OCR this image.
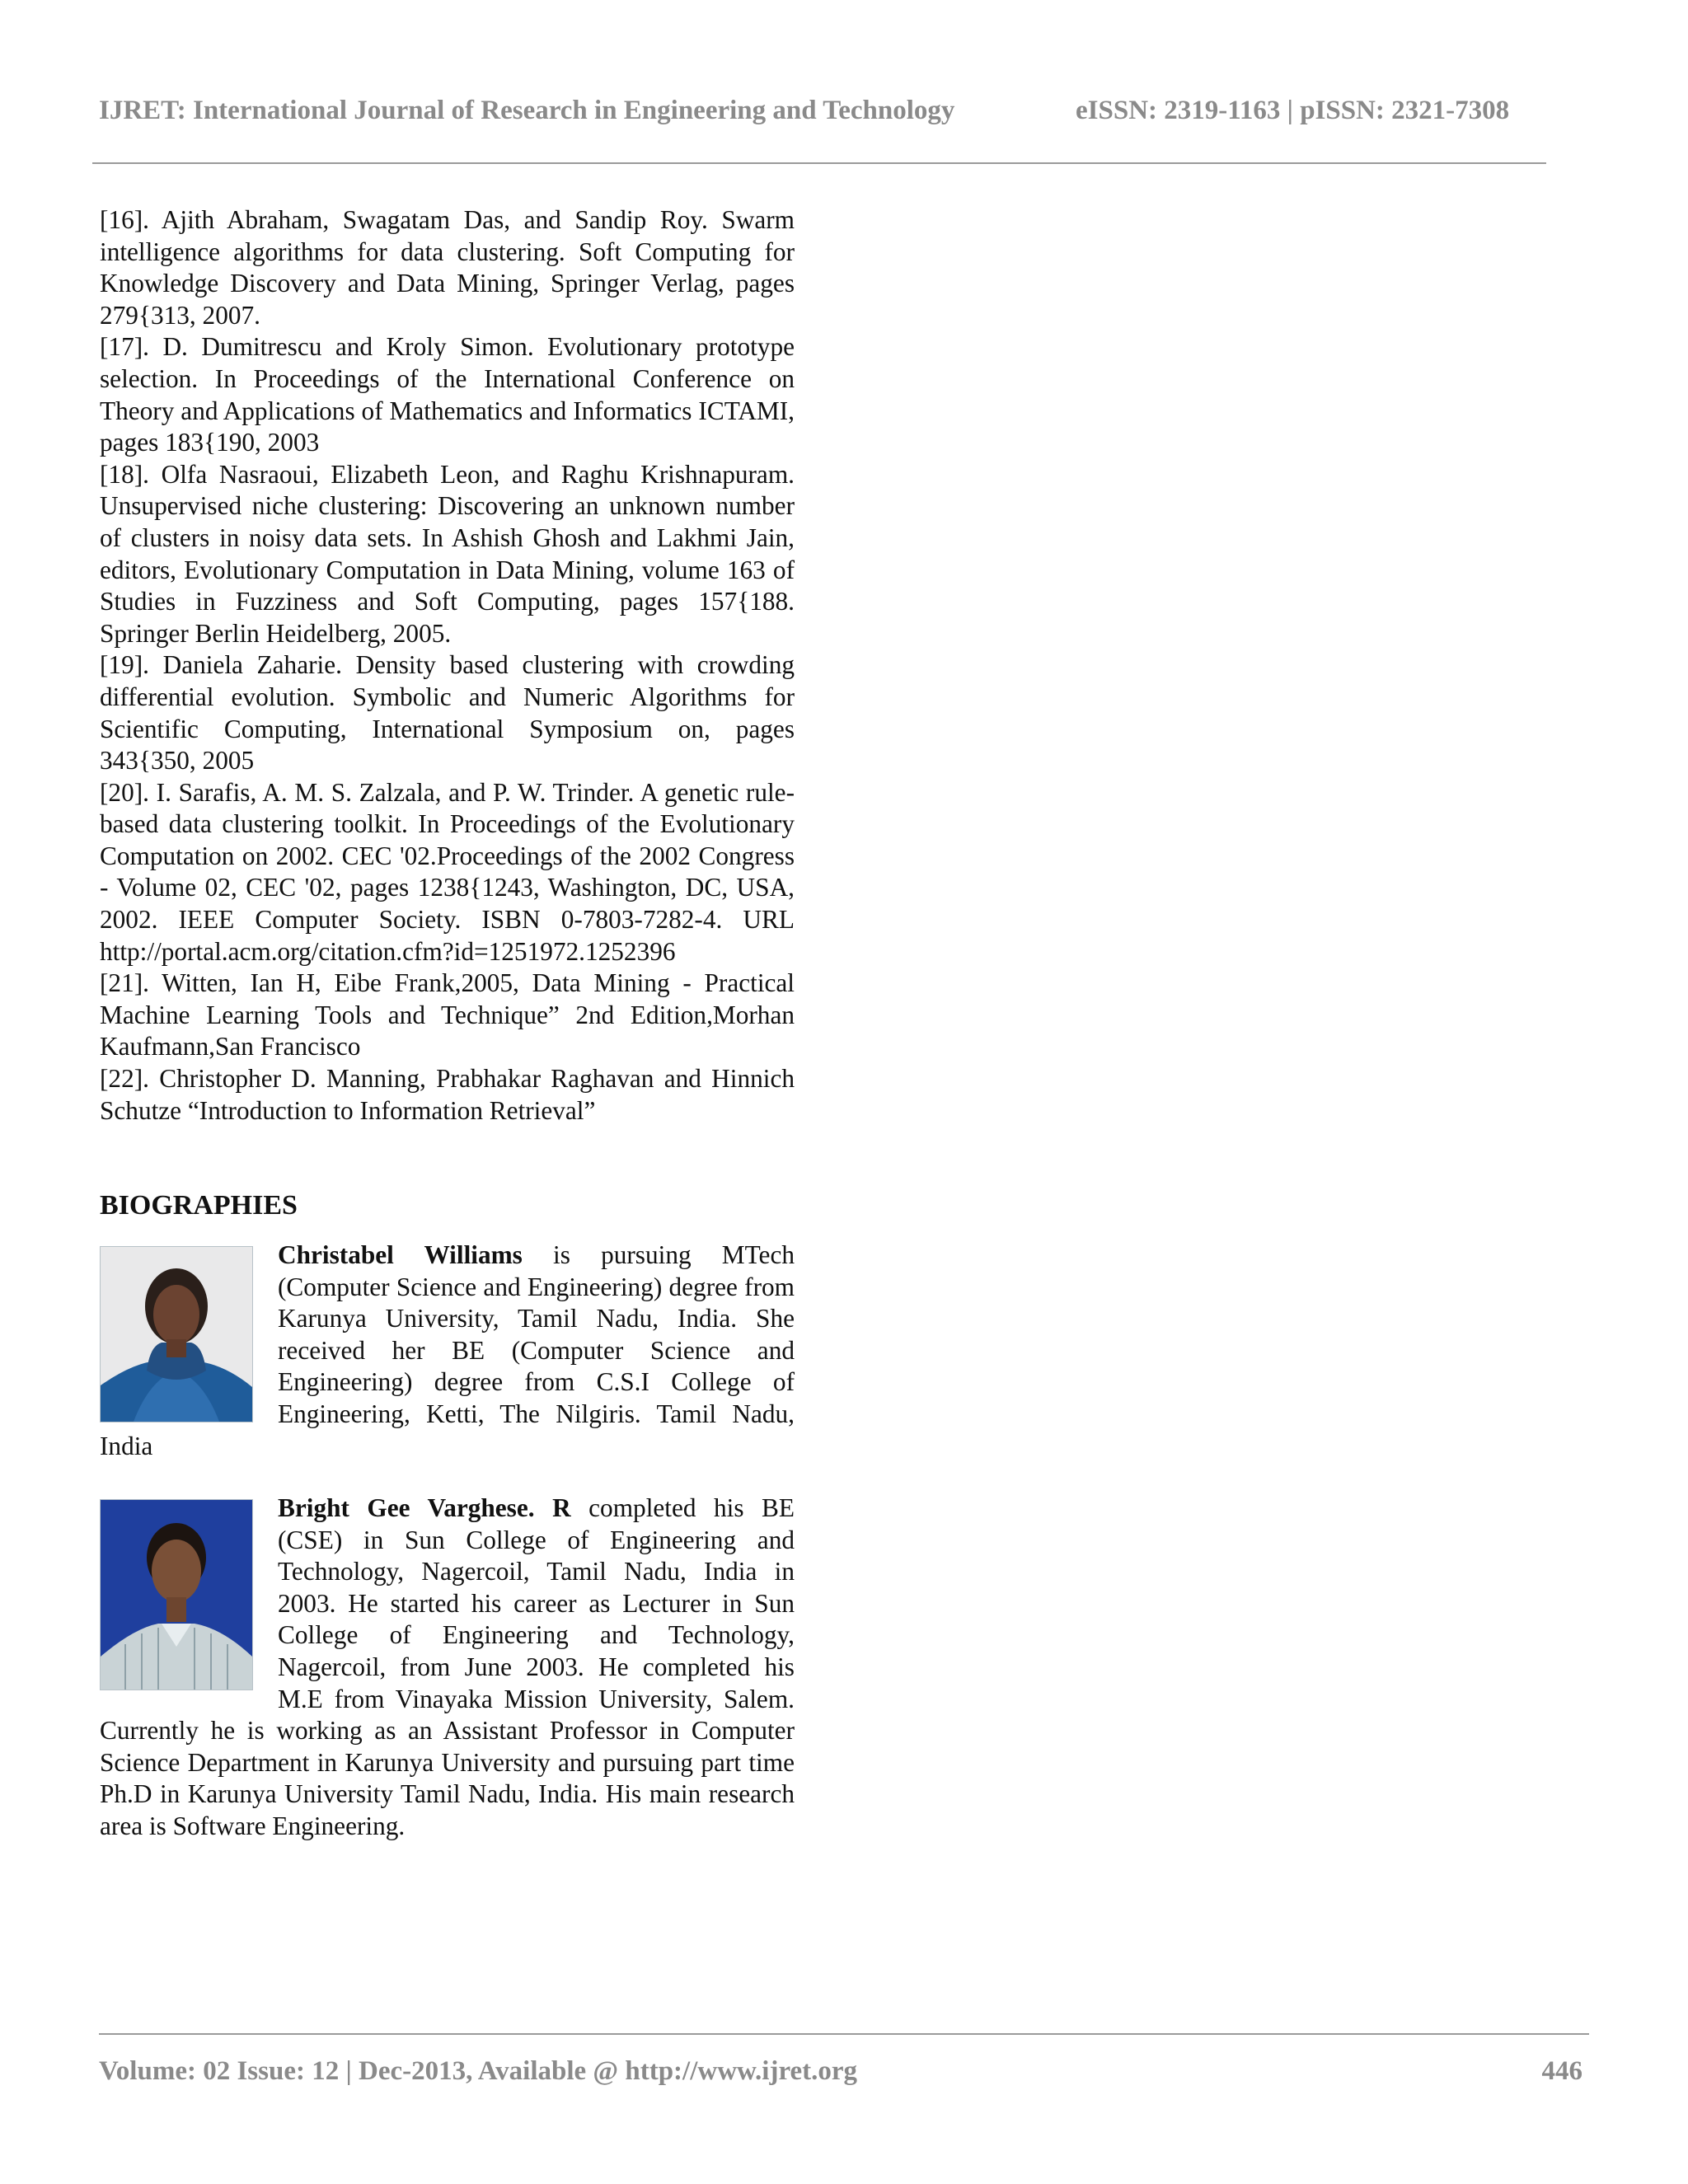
IJRET: International Journal of Research in Engineering and Technology	eISSN: 2319-1163 | pISSN: 2321-7308
[16]. Ajith Abraham, Swagatam Das, and Sandip Roy. Swarm intelligence algorithms for data clustering. Soft Computing for Knowledge Discovery and Data Mining, Springer Verlag, pages 279{313, 2007.
[17]. D. Dumitrescu and Kroly Simon. Evolutionary prototype selection. In Proceedings of the International Conference on Theory and Applications of Mathematics and Informatics ICTAMI, pages 183{190, 2003
[18]. Olfa Nasraoui, Elizabeth Leon, and Raghu Krishnapuram. Unsupervised niche clustering: Discovering an unknown number of clusters in noisy data sets. In Ashish Ghosh and Lakhmi Jain, editors, Evolutionary Computation in Data Mining, volume 163 of Studies in Fuzziness and Soft Computing, pages 157{188. Springer Berlin Heidelberg, 2005.
[19]. Daniela Zaharie. Density based clustering with crowding differential evolution. Symbolic and Numeric Algorithms for Scientific Computing, International Symposium on, pages 343{350, 2005
[20]. I. Sarafis, A. M. S. Zalzala, and P. W. Trinder. A genetic rule-based data clustering toolkit. In Proceedings of the Evolutionary Computation on 2002. CEC '02.Proceedings of the 2002 Congress - Volume 02, CEC '02, pages 1238{1243, Washington, DC, USA, 2002. IEEE Computer Society. ISBN 0-7803-7282-4. URL
http://portal.acm.org/citation.cfm?id=1251972.1252396
[21]. Witten, Ian H, Eibe Frank,2005, Data Mining - Practical Machine Learning Tools and Technique” 2nd Edition,Morhan Kaufmann,San Francisco
[22]. Christopher D. Manning, Prabhakar Raghavan and Hinnich Schutze “Introduction to Information Retrieval”
BIOGRAPHIES
Christabel Williams is pursuing MTech (Computer Science and Engineering) degree from Karunya University, Tamil Nadu, India. She received her BE (Computer Science and Engineering) degree from C.S.I College of Engineering, Ketti, The Nilgiris. Tamil Nadu, India
Bright Gee Varghese. R completed his BE (CSE) in Sun College of Engineering and Technology, Nagercoil, Tamil Nadu, India in 2003. He started his career as Lecturer in Sun College of Engineering and Technology, Nagercoil, from June 2003. He completed his M.E from Vinayaka Mission University, Salem. Currently he is working as an Assistant Professor in Computer Science Department in Karunya University and pursuing part time Ph.D in Karunya University Tamil Nadu, India. His main research area is Software Engineering.
Volume: 02 Issue: 12 | Dec-2013, Available @ http://www.ijret.org	446
